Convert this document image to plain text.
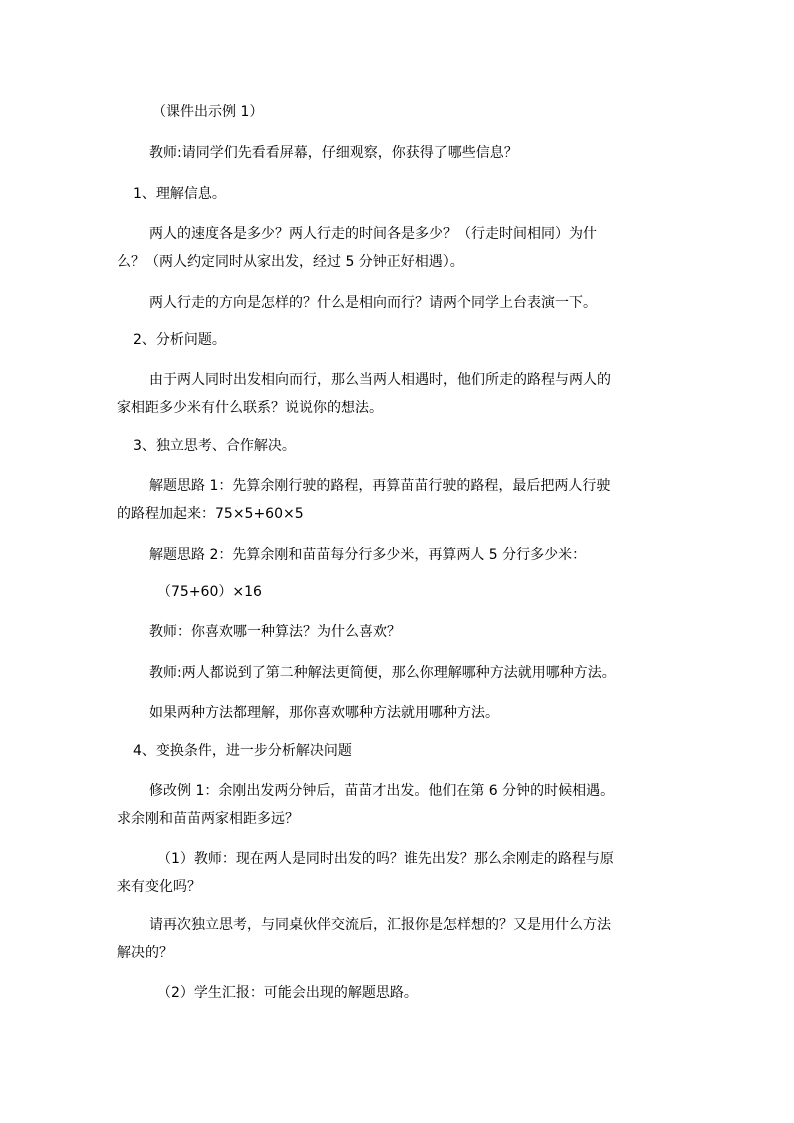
（课件出示例 1）

教师:请同学们先看看屏幕，仔细观察，你获得了哪些信息？

1、理解信息。

两人的速度各是多少？两人行走的时间各是多少？（行走时间相同）为什
么？（两人约定同时从家出发，经过 5 分钟正好相遇）。

两人行走的方向是怎样的？什么是相向而行？请两个同学上台表演一下。

2、分析问题。

由于两人同时出发相向而行，那么当两人相遇时，他们所走的路程与两人的
家相距多少米有什么联系？说说你的想法。

3、独立思考、合作解决。

解题思路 1：先算余刚行驶的路程，再算苗苗行驶的路程，最后把两人行驶
的路程加起来：75×5+60×5

解题思路 2：先算余刚和苗苗每分行多少米，再算两人 5 分行多少米：

（75+60）×16

教师：你喜欢哪一种算法？为什么喜欢？

教师:两人都说到了第二种解法更简便，那么你理解哪种方法就用哪种方法。

如果两种方法都理解，那你喜欢哪种方法就用哪种方法。

4、变换条件，进一步分析解决问题

修改例 1：余刚出发两分钟后，苗苗才出发。他们在第 6 分钟的时候相遇。
求余刚和苗苗两家相距多远？

（1）教师：现在两人是同时出发的吗？谁先出发？那么余刚走的路程与原
来有变化吗？

请再次独立思考，与同桌伙伴交流后，汇报你是怎样想的？又是用什么方法
解决的？

（2）学生汇报：可能会出现的解题思路。
